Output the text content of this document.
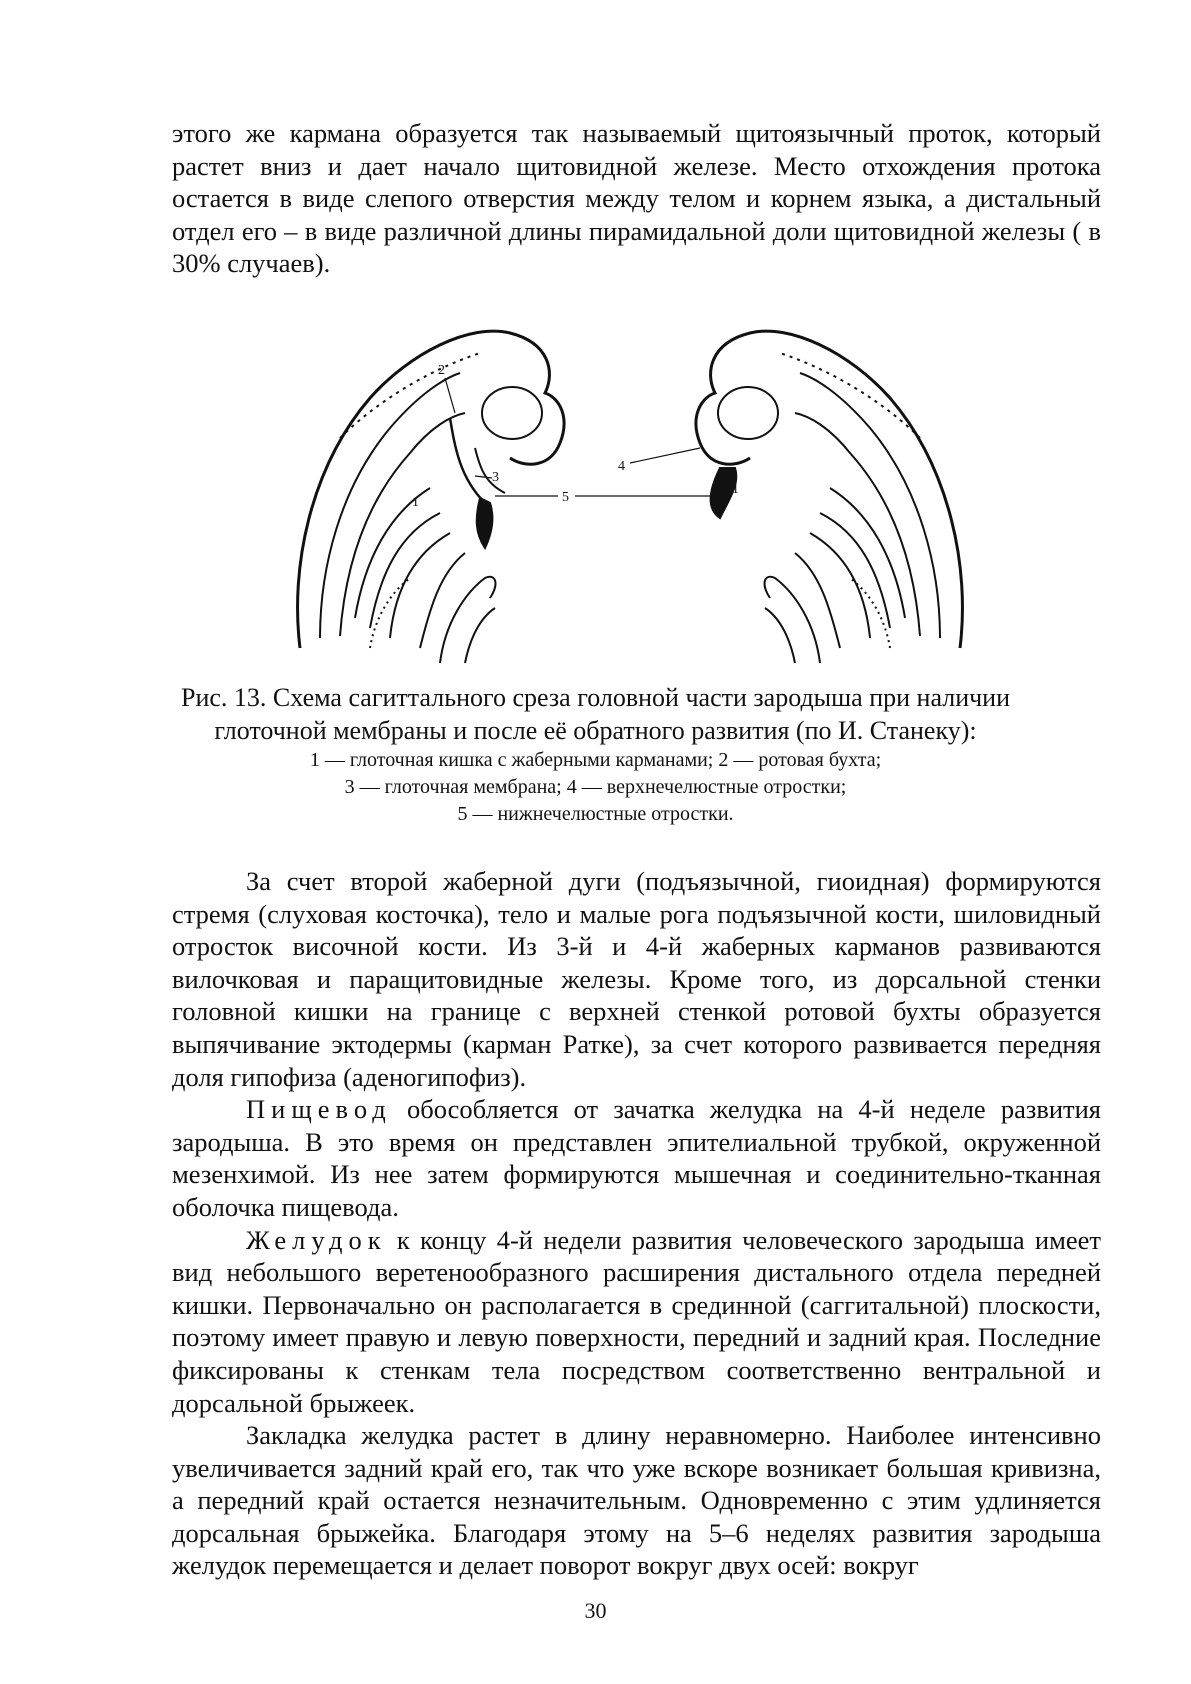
этого же кармана образуется так называемый щитоязычный проток, который растет вниз и дает начало щитовидной железе. Место отхождения протока остается в виде слепого отверстия между телом и корнем языка, а дистальный отдел его – в виде различной длины пирамидальной доли щитовидной железы ( в 30% случаев).

1
2
3
4
5
1

Рис. 13. Схема сагиттального среза головной части зародыша при наличии

глоточной мембраны и после её обратного развития (по И. Станеку):

1 — глоточная кишка с жаберными карманами; 2 — ротовая бухта;

3 — глоточная мембрана; 4 — верхнечелюстные отростки;

5 — нижнечелюстные отростки.

За счет второй жаберной дуги (подъязычной, гиоидная) формируются стремя (слуховая косточка), тело и малые рога подъязычной кости, шиловидный отросток височной кости. Из 3-й и 4-й жаберных карманов развиваются вилочковая и паращитовидные железы. Кроме того, из дорсальной стенки головной кишки на границе с верхней стенкой ротовой бухты образуется выпячивание эктодермы (карман Ратке), за счет которого развивается передняя доля гипофиза (аденогипофиз).

Пищевод обособляется от зачатка желудка на 4-й неделе развития зародыша. В это время он представлен эпителиальной трубкой, окруженной мезенхимой. Из нее затем формируются мышечная и соединительно-тканная оболочка пищевода.

Желудок к концу 4-й недели развития человеческого зародыша имеет вид небольшого веретенообразного расширения дистального отдела передней кишки. Первоначально он располагается в срединной (саггитальной) плоскости, поэтому имеет правую и левую поверхности, передний и задний края. Последние фиксированы к стенкам тела посредством соответственно вентральной и дорсальной брыжеек.

Закладка желудка растет в длину неравномерно. Наиболее интенсивно увеличивается задний край его, так что уже вскоре возникает большая кривизна, а передний край остается незначительным. Одновременно с этим удлиняется дорсальная брыжейка. Благодаря этому на 5–6 неделях развития зародыша желудок перемещается и делает поворот вокруг двух осей: вокруг

30
